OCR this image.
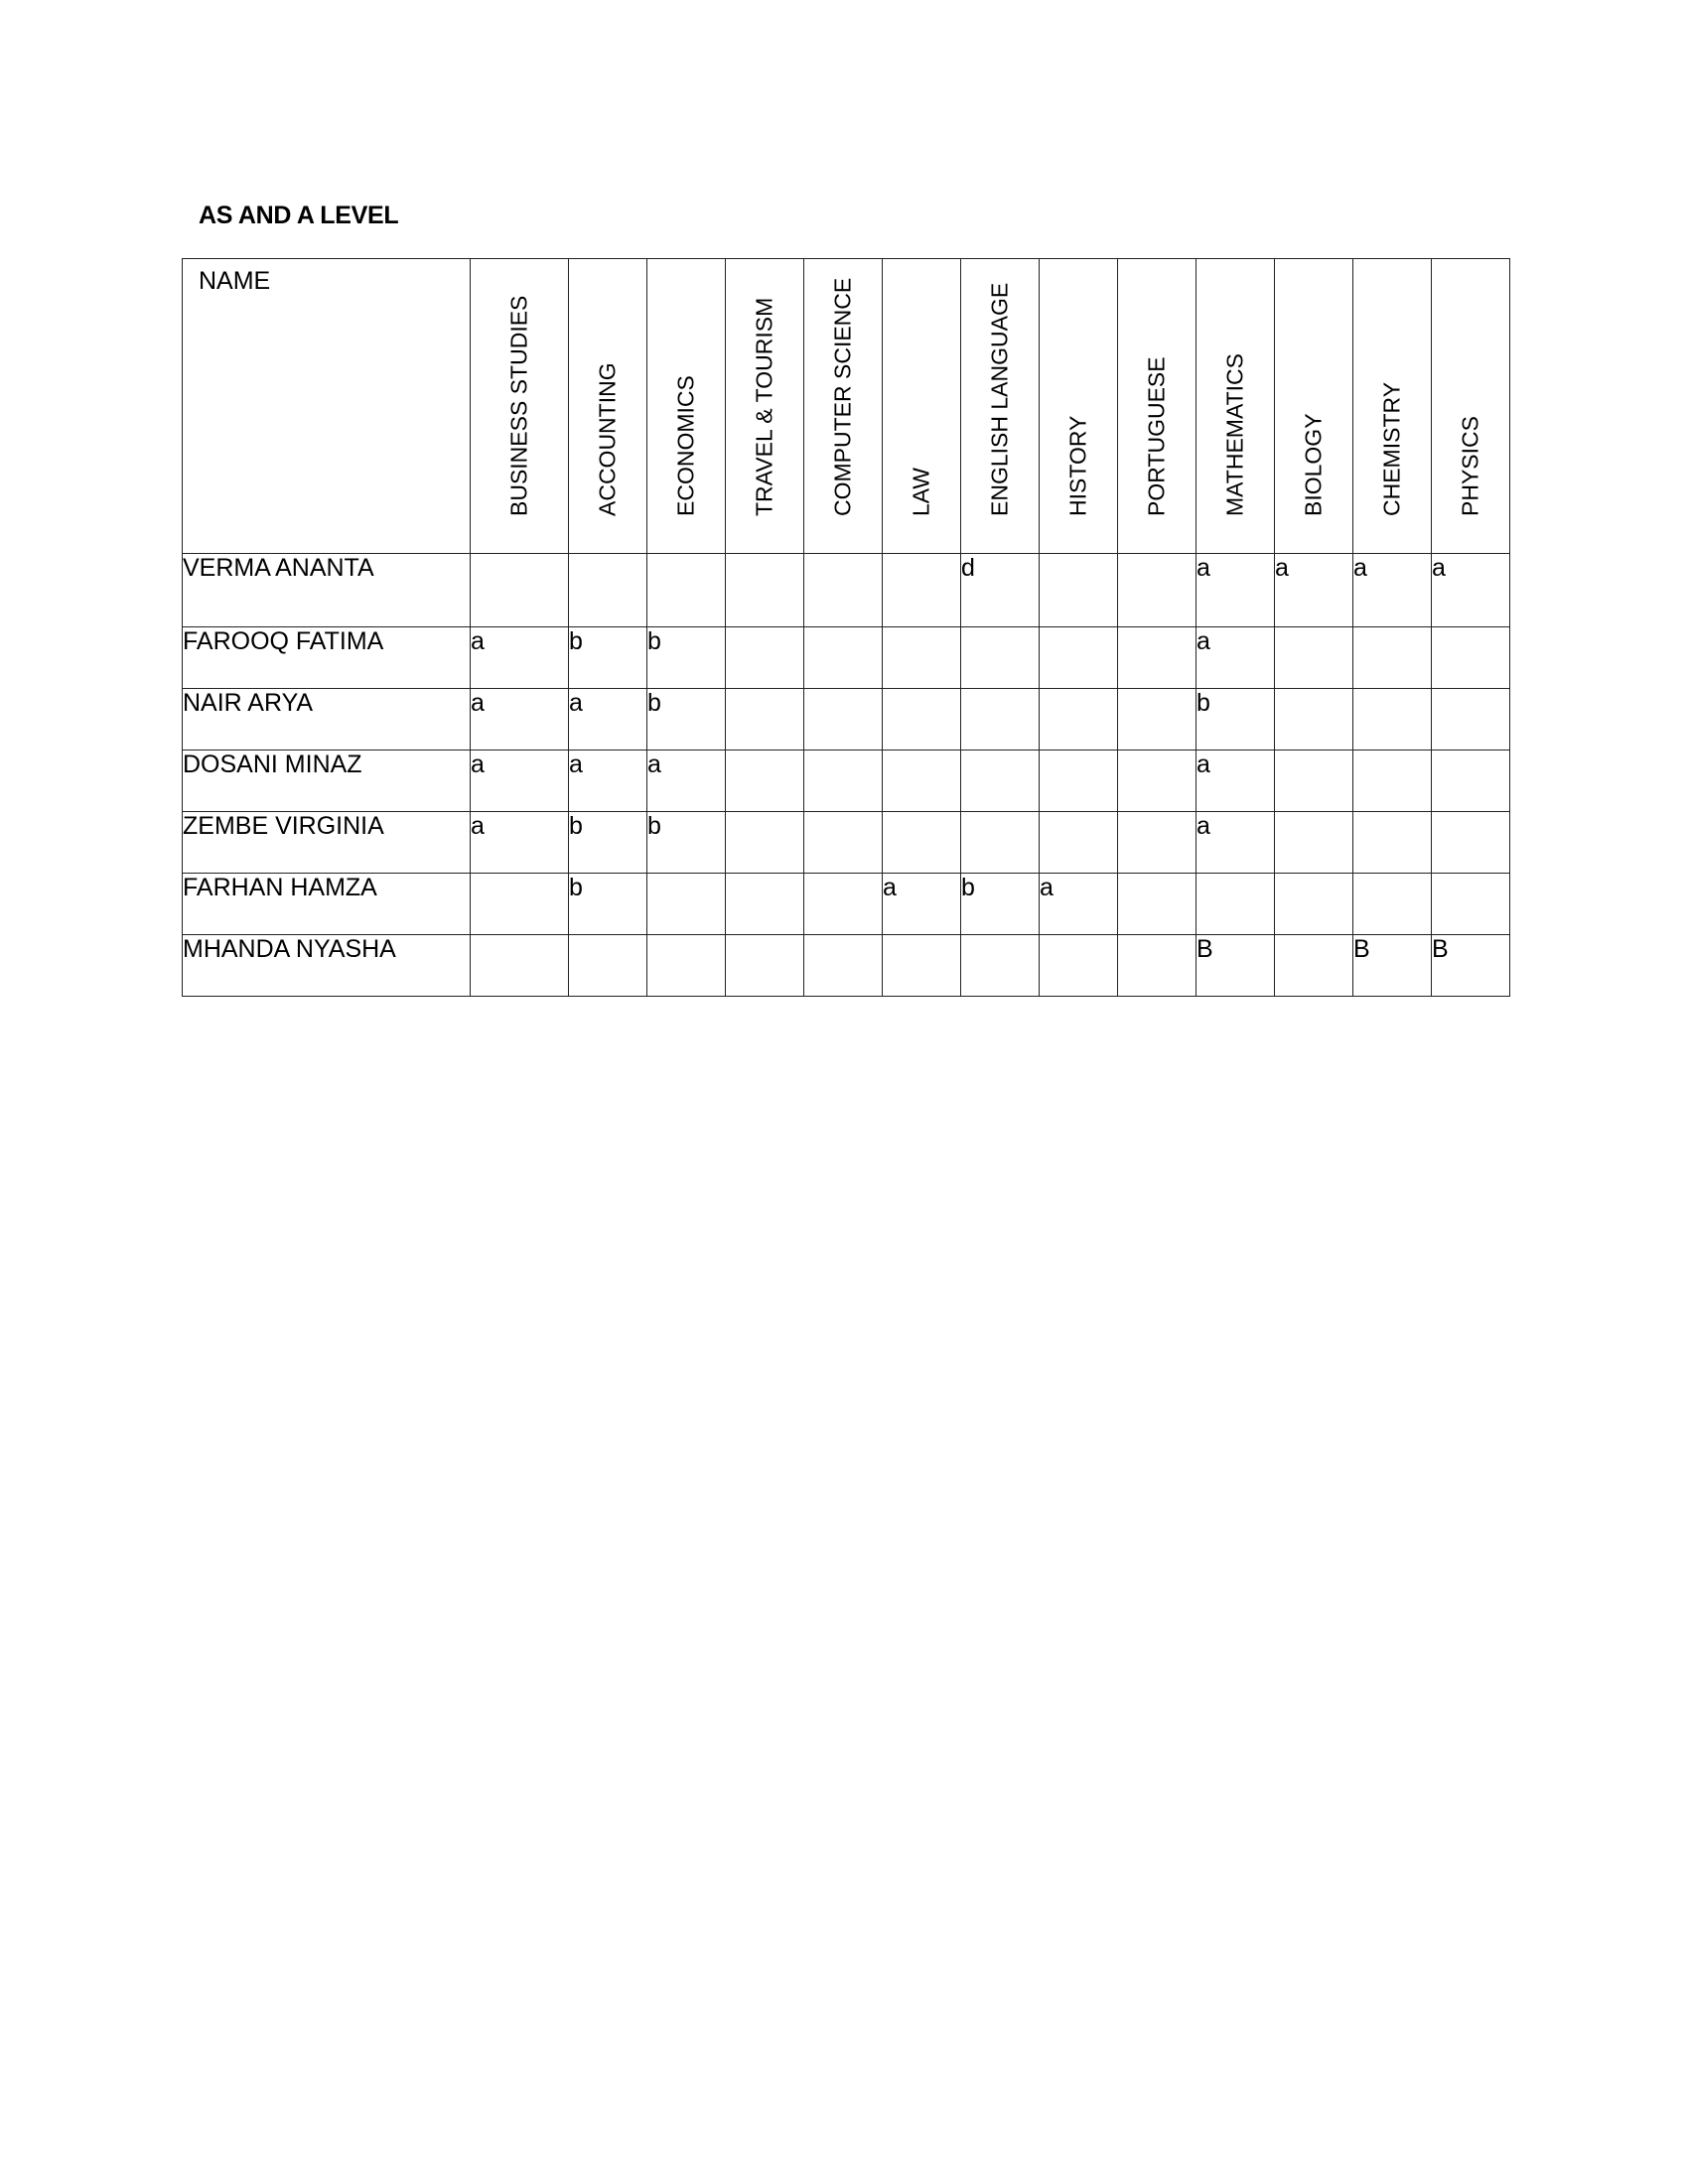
AS AND A LEVEL
NAME	BUSINESS STUDIES	ACCOUNTING	ECONOMICS	TRAVEL & TOURISM	COMPUTER SCIENCE	LAW	ENGLISH LANGUAGE	HISTORY	PORTUGUESE	MATHEMATICS	BIOLOGY	CHEMISTRY	PHYSICS

VERMA ANANTA							d			a	a	a	a
FAROOQ FATIMA	a	b	b							a			
NAIR ARYA	a	a	b							b			
DOSANI MINAZ	a	a	a							a			
ZEMBE VIRGINIA	a	b	b							a			
FARHAN HAMZA		b				a	b	a					
MHANDA NYASHA										B		B	B
